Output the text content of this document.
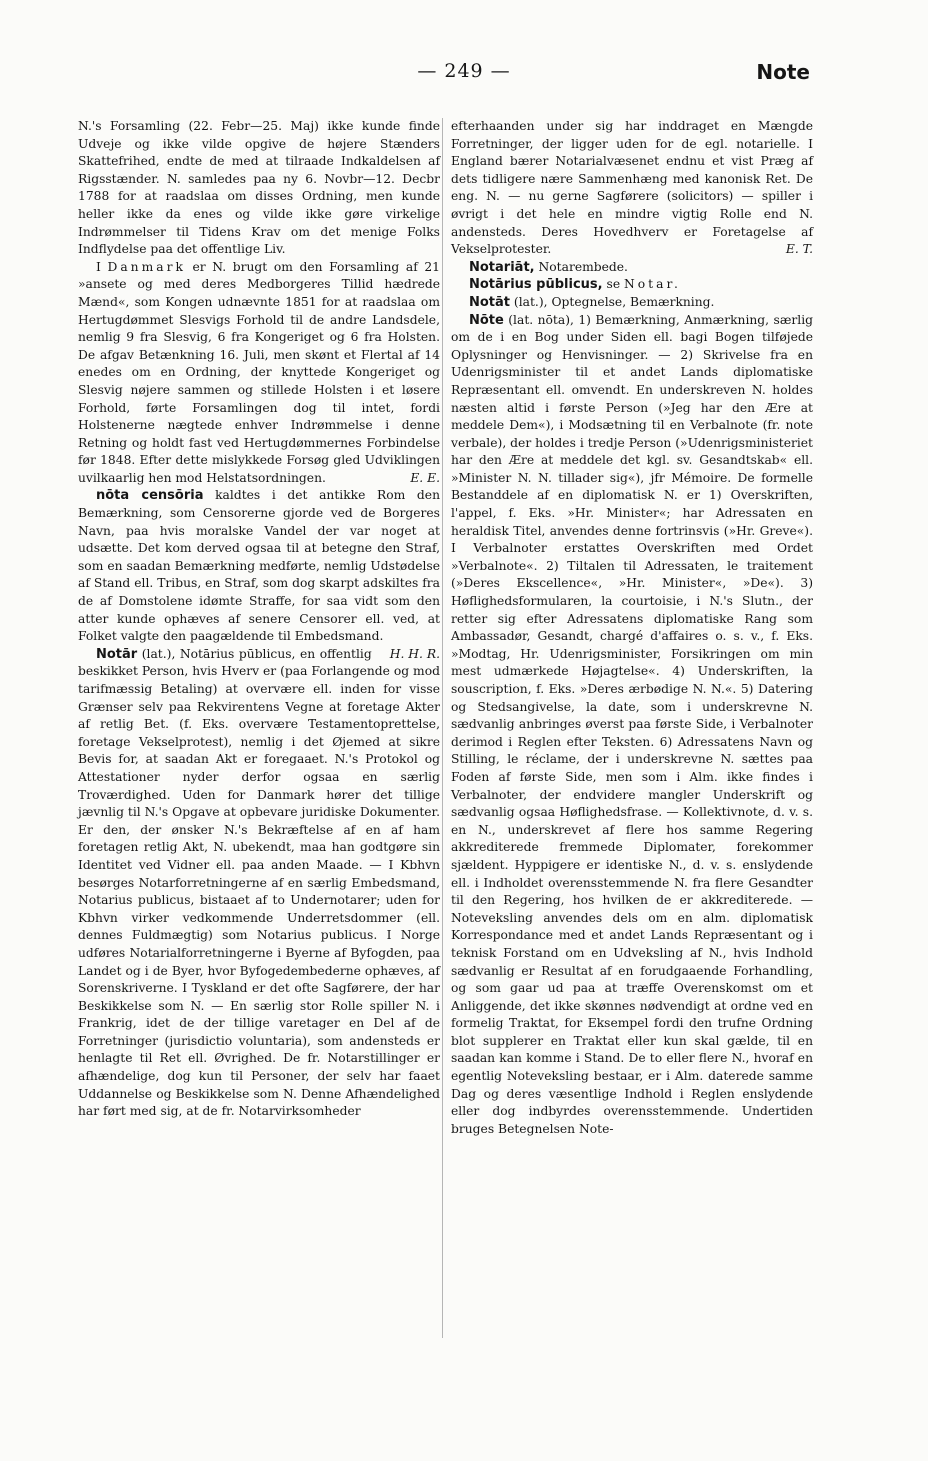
— 249 —	Note

N.'s Forsamling (22. Febr—25. Maj) ikke kunde finde Udveje og ikke vilde opgive de højere Stænders Skattefrihed, endte de med at tilraade Indkaldelsen af Rigsstænder. N. samledes paa ny 6. Novbr—12. Decbr 1788 for at raadslaa om disses Ordning, men kunde heller ikke da enes og vilde ikke gøre virkelige Indrømmelser til Tidens Krav om det menige Folks Indflydelse paa det offentlige Liv.

I Danmark er N. brugt om den Forsamling af 21 »ansete og med deres Medborgeres Tillid hædrede Mænd«, som Kongen udnævnte 1851 for at raadslaa om Hertugdømmet Slesvigs Forhold til de andre Landsdele, nemlig 9 fra Slesvig, 6 fra Kongeriget og 6 fra Holsten. De afgav Betænkning 16. Juli, men skønt et Flertal af 14 enedes om en Ordning, der knyttede Kongeriget og Slesvig nøjere sammen og stillede Holsten i et løsere Forhold, førte Forsamlingen dog til intet, fordi Holstenerne nægtede enhver Indrømmelse i denne Retning og holdt fast ved Hertugdømmernes Forbindelse før 1848. Efter dette mislykkede Forsøg gled Udviklingen uvilkaarlig hen mod Helstatsordningen.	E. E.

nōta censōria kaldtes i det antikke Rom den Bemærkning, som Censorerne gjorde ved de Borgeres Navn, paa hvis moralske Vandel der var noget at udsætte. Det kom derved ogsaa til at betegne den Straf, som en saadan Bemærkning medførte, nemlig Udstødelse af Stand ell. Tribus, en Straf, som dog skarpt adskiltes fra de af Domstolene idømte Straffe, for saa vidt som den atter kunde ophæves af senere Censorer ell. ved, at Folket valgte den paagældende til Embedsmand.
H. H. R.

Notār (lat.), Notārius pūblicus, en offentlig beskikket Person, hvis Hverv er (paa Forlangende og mod tarifmæssig Betaling) at overvære ell. inden for visse Grænser selv paa Rekvirentens Vegne at foretage Akter af retlig Bet. (f. Eks. overvære Testamentoprettelse, foretage Vekselprotest), nemlig i det Øjemed at sikre Bevis for, at saadan Akt er foregaaet. N.'s Protokol og Attestationer nyder derfor ogsaa en særlig Troværdighed. Uden for Danmark hører det tillige jævnlig til N.'s Opgave at opbevare juridiske Dokumenter. Er den, der ønsker N.'s Bekræftelse af en af ham foretagen retlig Akt, N. ubekendt, maa han godtgøre sin Identitet ved Vidner ell. paa anden Maade. — I Kbhvn besørges Notarforretningerne af en særlig Embedsmand, Notarius publicus, bistaaet af to Undernotarer; uden for Kbhvn virker vedkommende Underretsdommer (ell. dennes Fuldmægtig) som Notarius publicus. I Norge udføres Notarialforretningerne i Byerne af Byfogden, paa Landet og i de Byer, hvor Byfogedembederne ophæves, af Sorenskriverne. I Tyskland er det ofte Sagførere, der har Beskikkelse som N. — En særlig stor Rolle spiller N. i Frankrig, idet de der tillige varetager en Del af de Forretninger (jurisdictio voluntaria), som andensteds er henlagte til Ret ell. Øvrighed. De fr. Notarstillinger er afhændelige, dog kun til Personer, der selv har faaet Uddannelse og Beskikkelse som N. Denne Afhændelighed har ført med sig, at de fr. Notarvirksomheder

efterhaanden under sig har inddraget en Mængde Forretninger, der ligger uden for de egl. notarielle. I England bærer Notarialvæsenet endnu et vist Præg af dets tidligere nære Sammenhæng med kanonisk Ret. De eng. N. — nu gerne Sagførere (solicitors) — spiller i øvrigt i det hele en mindre vigtig Rolle end N. andensteds. Deres Hovedhverv er Foretagelse af Vekselprotester.	E. T.

Notariāt, Notarembede.

Notārius pūblicus, se Notar.

Notāt (lat.), Optegnelse, Bemærkning.

Nōte (lat. nōta), 1) Bemærkning, Anmærkning, særlig om de i en Bog under Siden ell. bagi Bogen tilføjede Oplysninger og Henvisninger. — 2) Skrivelse fra en Udenrigsminister til et andet Lands diplomatiske Repræsentant ell. omvendt. En underskreven N. holdes næsten altid i første Person (»Jeg har den Ære at meddele Dem«), i Modsætning til en Verbalnote (fr. note verbale), der holdes i tredje Person (»Udenrigsministeriet har den Ære at meddele det kgl. sv. Gesandtskab« ell. »Minister N. N. tillader sig«), jfr Mémoire. De formelle Bestanddele af en diplomatisk N. er 1) Overskriften, l'appel, f. Eks. »Hr. Minister«; har Adressaten en heraldisk Titel, anvendes denne fortrinsvis (»Hr. Greve«). I Verbalnoter erstattes Overskriften med Ordet »Verbalnote«. 2) Tiltalen til Adressaten, le traitement (»Deres Ekscellence«, »Hr. Minister«, »De«). 3) Høflighedsformularen, la courtoisie, i N.'s Slutn., der retter sig efter Adressatens diplomatiske Rang som Ambassadør, Gesandt, chargé d'affaires o. s. v., f. Eks. »Modtag, Hr. Udenrigsminister, Forsikringen om min mest udmærkede Højagtelse«. 4) Underskriften, la souscription, f. Eks. »Deres ærbødige N. N.«. 5) Datering og Stedsangivelse, la date, som i underskrevne N. sædvanlig anbringes øverst paa første Side, i Verbalnoter derimod i Reglen efter Teksten. 6) Adressatens Navn og Stilling, le réclame, der i underskrevne N. sættes paa Foden af første Side, men som i Alm. ikke findes i Verbalnoter, der endvidere mangler Underskrift og sædvanlig ogsaa Høflighedsfrase. — Kollektivnote, d. v. s. en N., underskrevet af flere hos samme Regering akkrediterede fremmede Diplomater, forekommer sjældent. Hyppigere er identiske N., d. v. s. enslydende ell. i Indholdet overensstemmende N. fra flere Gesandter til den Regering, hos hvilken de er akkrediterede. — Noteveksling anvendes dels om en alm. diplomatisk Korrespondance med et andet Lands Repræsentant og i teknisk Forstand om en Udveksling af N., hvis Indhold sædvanlig er Resultat af en forudgaaende Forhandling, og som gaar ud paa at træffe Overenskomst om et Anliggende, det ikke skønnes nødvendigt at ordne ved en formelig Traktat, for Eksempel fordi den trufne Ordning blot supplerer en Traktat eller kun skal gælde, til en saadan kan komme i Stand. De to eller flere N., hvoraf en egentlig Noteveksling bestaar, er i Alm. daterede samme Dag og deres væsentlige Indhold i Reglen enslydende eller dog indbyrdes overensstemmende. Undertiden bruges Betegnelsen Note-
